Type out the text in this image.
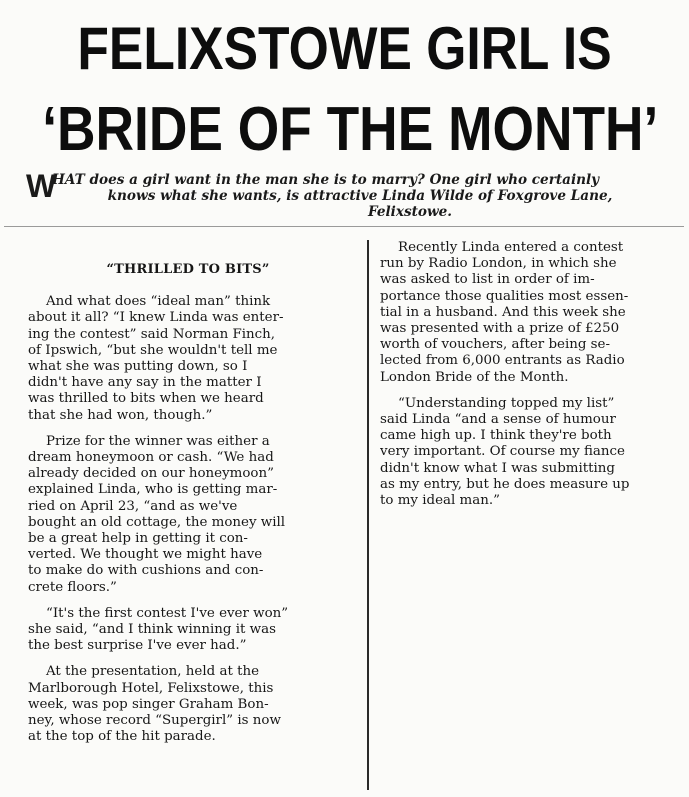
FELIXSTOWE GIRL IS
‘BRIDE OF THE MONTH’
W
HAT does a girl want in the man she is to marry? One girl who certainly
knows what she wants, is attractive Linda Wilde of Foxgrove Lane,
Felixstowe.
“THRILLED TO BITS”
And what does “ideal man” think
about it all? “I knew Linda was enter-
ing the contest” said Norman Finch,
of Ipswich, “but she wouldn't tell me
what she was putting down, so I
didn't have any say in the matter I
was thrilled to bits when we heard
that she had won, though.”
Prize for the winner was either a
dream honeymoon or cash. “We had
already decided on our honeymoon”
explained Linda, who is getting mar-
ried on April 23, “and as we've
bought an old cottage, the money will
be a great help in getting it con-
verted. We thought we might have
to make do with cushions and con-
crete floors.”
“It's the first contest I've ever won”
she said, “and I think winning it was
the best surprise I've ever had.”
At the presentation, held at the
Marlborough Hotel, Felixstowe, this
week, was pop singer Graham Bon-
ney, whose record “Supergirl” is now
at the top of the hit parade.
Recently Linda entered a contest
run by Radio London, in which she
was asked to list in order of im-
portance those qualities most essen-
tial in a husband. And this week she
was presented with a prize of £250
worth of vouchers, after being se-
lected from 6,000 entrants as Radio
London Bride of the Month.
“Understanding topped my list”
said Linda “and a sense of humour
came high up. I think they're both
very important. Of course my fiance
didn't know what I was submitting
as my entry, but he does measure up
to my ideal man.”
